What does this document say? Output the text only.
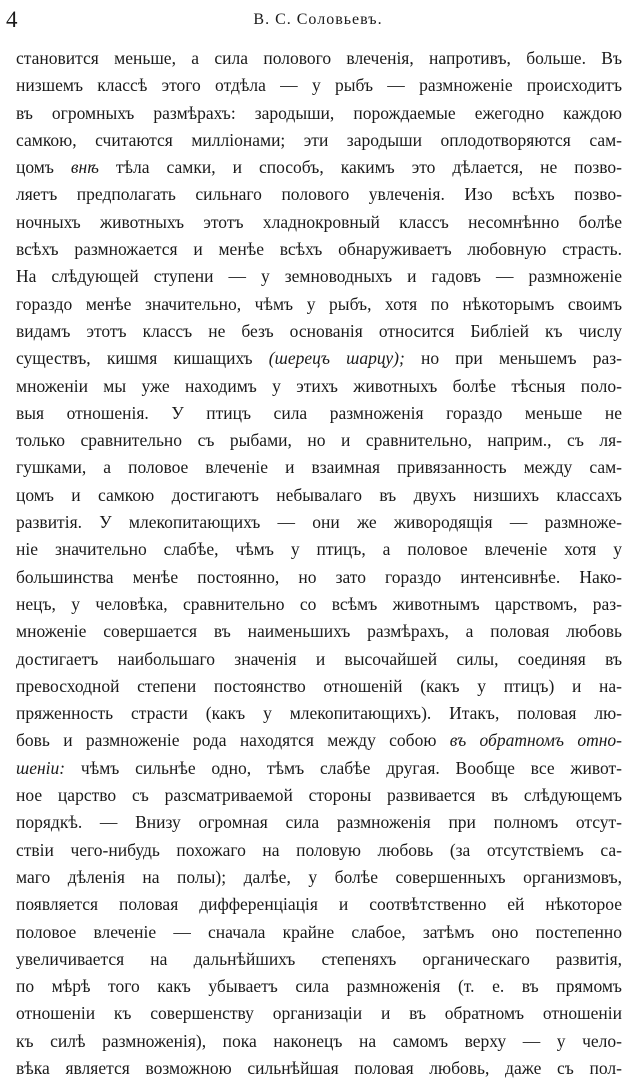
4	В. С. Соловьевъ.
становится меньше, а сила полового влеченія, напротивъ, больше. Въ
низшемъ классѣ этого отдѣла — у рыбъ — размноженіе происходитъ
въ огромныхъ размѣрахъ: зародыши, порождаемые ежегодно каждою
самкою, считаются милліонами; эти зародыши оплодотворяются сам-
цомъ внѣ тѣла самки, и способъ, какимъ это дѣлается, не позво-
ляетъ предполагать сильнаго полового увлеченія. Изо всѣхъ позво-
ночныхъ животныхъ этотъ хладнокровный классъ несомнѣнно болѣе
всѣхъ размножается и менѣе всѣхъ обнаруживаетъ любовную страсть.
На слѣдующей ступени — у земноводныхъ и гадовъ — размноженіе
гораздо менѣе значительно, чѣмъ у рыбъ, хотя по нѣкоторымъ своимъ
видамъ этотъ классъ не безъ основанія относится Библіей къ числу
существъ, кишмя кишащихъ (шерецъ шарцу); но при меньшемъ раз-
множеніи мы уже находимъ у этихъ животныхъ болѣе тѣсныя поло-
выя отношенія. У птицъ сила размноженія гораздо меньше не
только сравнительно съ рыбами, но и сравнительно, наприм., съ ля-
гушками, а половое влеченіе и взаимная привязанность между сам-
цомъ и самкою достигаютъ небывалаго въ двухъ низшихъ классахъ
развитія. У млекопитающихъ — они же живородящія — размноже-
ніе значительно слабѣе, чѣмъ у птицъ, а половое влеченіе хотя у
большинства менѣе постоянно, но зато гораздо интенсивнѣе. Нако-
нецъ, у человѣка, сравнительно со всѣмъ животнымъ царствомъ, раз-
множеніе совершается въ наименьшихъ размѣрахъ, а половая любовь
достигаетъ наибольшаго значенія и высочайшей силы, соединяя въ
превосходной степени постоянство отношеній (какъ у птицъ) и на-
пряженность страсти (какъ у млекопитающихъ). Итакъ, половая лю-
бовь и размноженіе рода находятся между собою въ обратномъ отно-
шеніи: чѣмъ сильнѣе одно, тѣмъ слабѣе другая. Вообще все живот-
ное царство съ разсматриваемой стороны развивается въ слѣдующемъ
порядкѣ. — Внизу огромная сила размноженія при полномъ отсут-
ствіи чего-нибудь похожаго на половую любовь (за отсутствіемъ са-
маго дѣленія на полы); далѣе, у болѣе совершенныхъ организмовъ,
появляется половая дифференціація и соотвѣтственно ей нѣкоторое
половое влеченіе — сначала крайне слабое, затѣмъ оно постепенно
увеличивается на дальнѣйшихъ степеняхъ органическаго развитія,
по мѣрѣ того какъ убываетъ сила размноженія (т. е. въ прямомъ
отношеніи къ совершенству организаціи и въ обратномъ отношеніи
къ силѣ размноженія), пока наконецъ на самомъ верху — у чело-
вѣка является возможною сильнѣйшая половая любовь, даже съ пол-
